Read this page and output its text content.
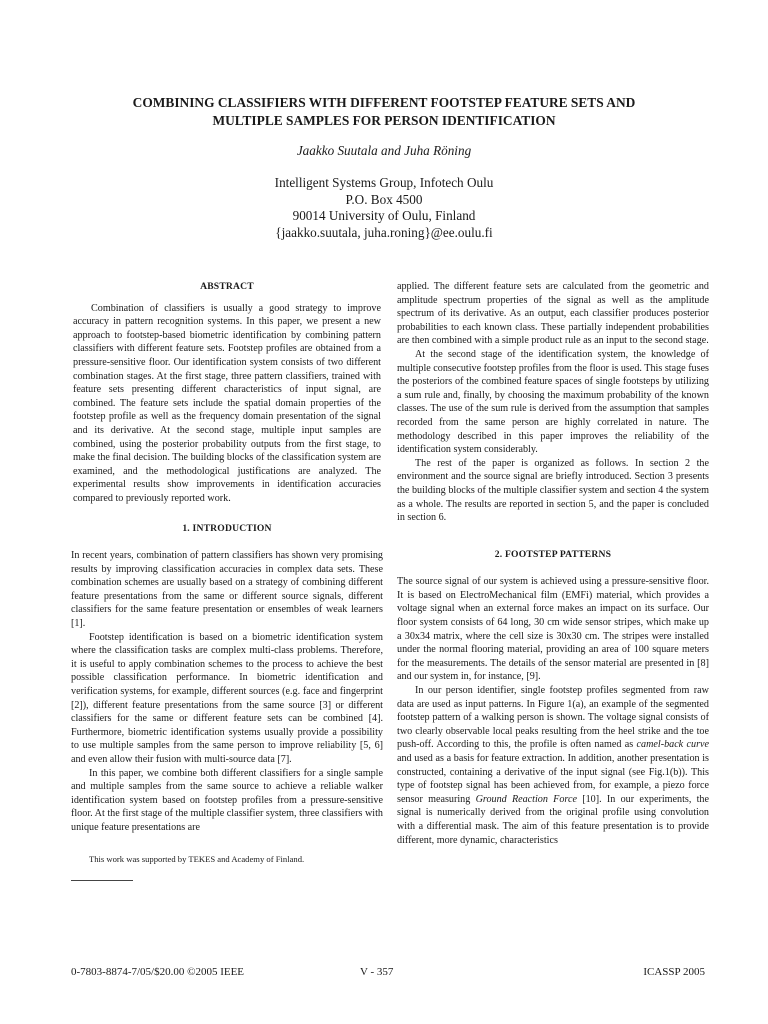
COMBINING CLASSIFIERS WITH DIFFERENT FOOTSTEP FEATURE SETS AND
MULTIPLE SAMPLES FOR PERSON IDENTIFICATION
Jaakko Suutala and Juha Röning
Intelligent Systems Group, Infotech Oulu
P.O. Box 4500
90014 University of Oulu, Finland
{jaakko.suutala, juha.roning}@ee.oulu.fi
ABSTRACT

Combination of classifiers is usually a good strategy to improve accuracy in pattern recognition systems. In this paper, we present a new approach to footstep-based biometric identification by combining pattern classifiers with different feature sets. Footstep profiles are obtained from a pressure-sensitive floor. Our identification system consists of two different combination stages. At the first stage, three pattern classifiers, trained with feature sets presenting different characteristics of input signal, are combined. The feature sets include the spatial domain properties of the footstep profile as well as the frequency domain presentation of the signal and its derivative. At the second stage, multiple input samples are combined, using the posterior probability outputs from the first stage, to make the final decision. The building blocks of the classification system are examined, and the methodological justifications are analyzed. The experimental results show improvements in identification accuracies compared to previously reported work.

1. INTRODUCTION

In recent years, combination of pattern classifiers has shown very promising results by improving classification accuracies in complex data sets. These combination schemes are usually based on a strategy of combining different feature presentations from the same or different source signals, different classifiers for the same feature presentation or ensembles of weak learners [1].

Footstep identification is based on a biometric identification system where the classification tasks are complex multi-class problems. Therefore, it is useful to apply combination schemes to the process to achieve the best possible classification performance. In biometric identification and verification systems, for example, different sources (e.g. face and fingerprint [2]), different feature presentations from the same source [3] or different classifiers for the same or different feature sets can be combined [4]. Furthermore, biometric identification systems usually provide a possibility to use multiple samples from the same person to improve reliability [5, 6] and even allow their fusion with multi-source data [7].

In this paper, we combine both different classifiers for a single sample and multiple samples from the same source to achieve a reliable walker identification system based on footstep profiles from a pressure-sensitive floor. At the first stage of the multiple classifier system, three classifiers with unique feature presentations are

applied. The different feature sets are calculated from the geometric and amplitude spectrum properties of the signal as well as the amplitude spectrum of its derivative. As an output, each classifier produces posterior probabilities to each known class. These partially independent probabilities are then combined with a simple product rule as an input to the second stage.

At the second stage of the identification system, the knowledge of multiple consecutive footstep profiles from the floor is used. This stage fuses the posteriors of the combined feature spaces of single footsteps by utilizing a sum rule and, finally, by choosing the maximum probability of the known classes. The use of the sum rule is derived from the assumption that samples recorded from the same person are highly correlated in nature. The methodology described in this paper improves the reliability of the identification system considerably.

The rest of the paper is organized as follows. In section 2 the environment and the source signal are briefly introduced. Section 3 presents the building blocks of the multiple classifier system and section 4 the system as a whole. The results are reported in section 5, and the paper is concluded in section 6.

2. FOOTSTEP PATTERNS

The source signal of our system is achieved using a pressure-sensitive floor. It is based on ElectroMechanical film (EMFi) material, which provides a voltage signal when an external force makes an impact on its surface. Our floor system consists of 64 long, 30 cm wide sensor stripes, which make up a 30x34 matrix, where the cell size is 30x30 cm. The stripes were installed under the normal flooring material, providing an area of 100 square meters for the measurements. The details of the sensor material are presented in [8] and our system in, for instance, [9].

In our person identifier, single footstep profiles segmented from raw data are used as input patterns. In Figure 1(a), an example of the segmented footstep pattern of a walking person is shown. The voltage signal consists of two clearly observable local peaks resulting from the heel strike and the toe push-off. According to this, the profile is often named as camel-back curve and used as a basis for feature extraction. In addition, another presentation is constructed, containing a derivative of the input signal (see Fig.1(b)). This type of footstep signal has been achieved from, for example, a piezo force sensor measuring Ground Reaction Force [10]. In our experiments, the signal is numerically derived from the original profile using convolution with a differential mask. The aim of this feature presentation is to provide different, more dynamic, characteristics

This work was supported by TEKES and Academy of Finland.
0-7803-8874-7/05/$20.00 ©2005 IEEE	V - 357	ICASSP 2005
